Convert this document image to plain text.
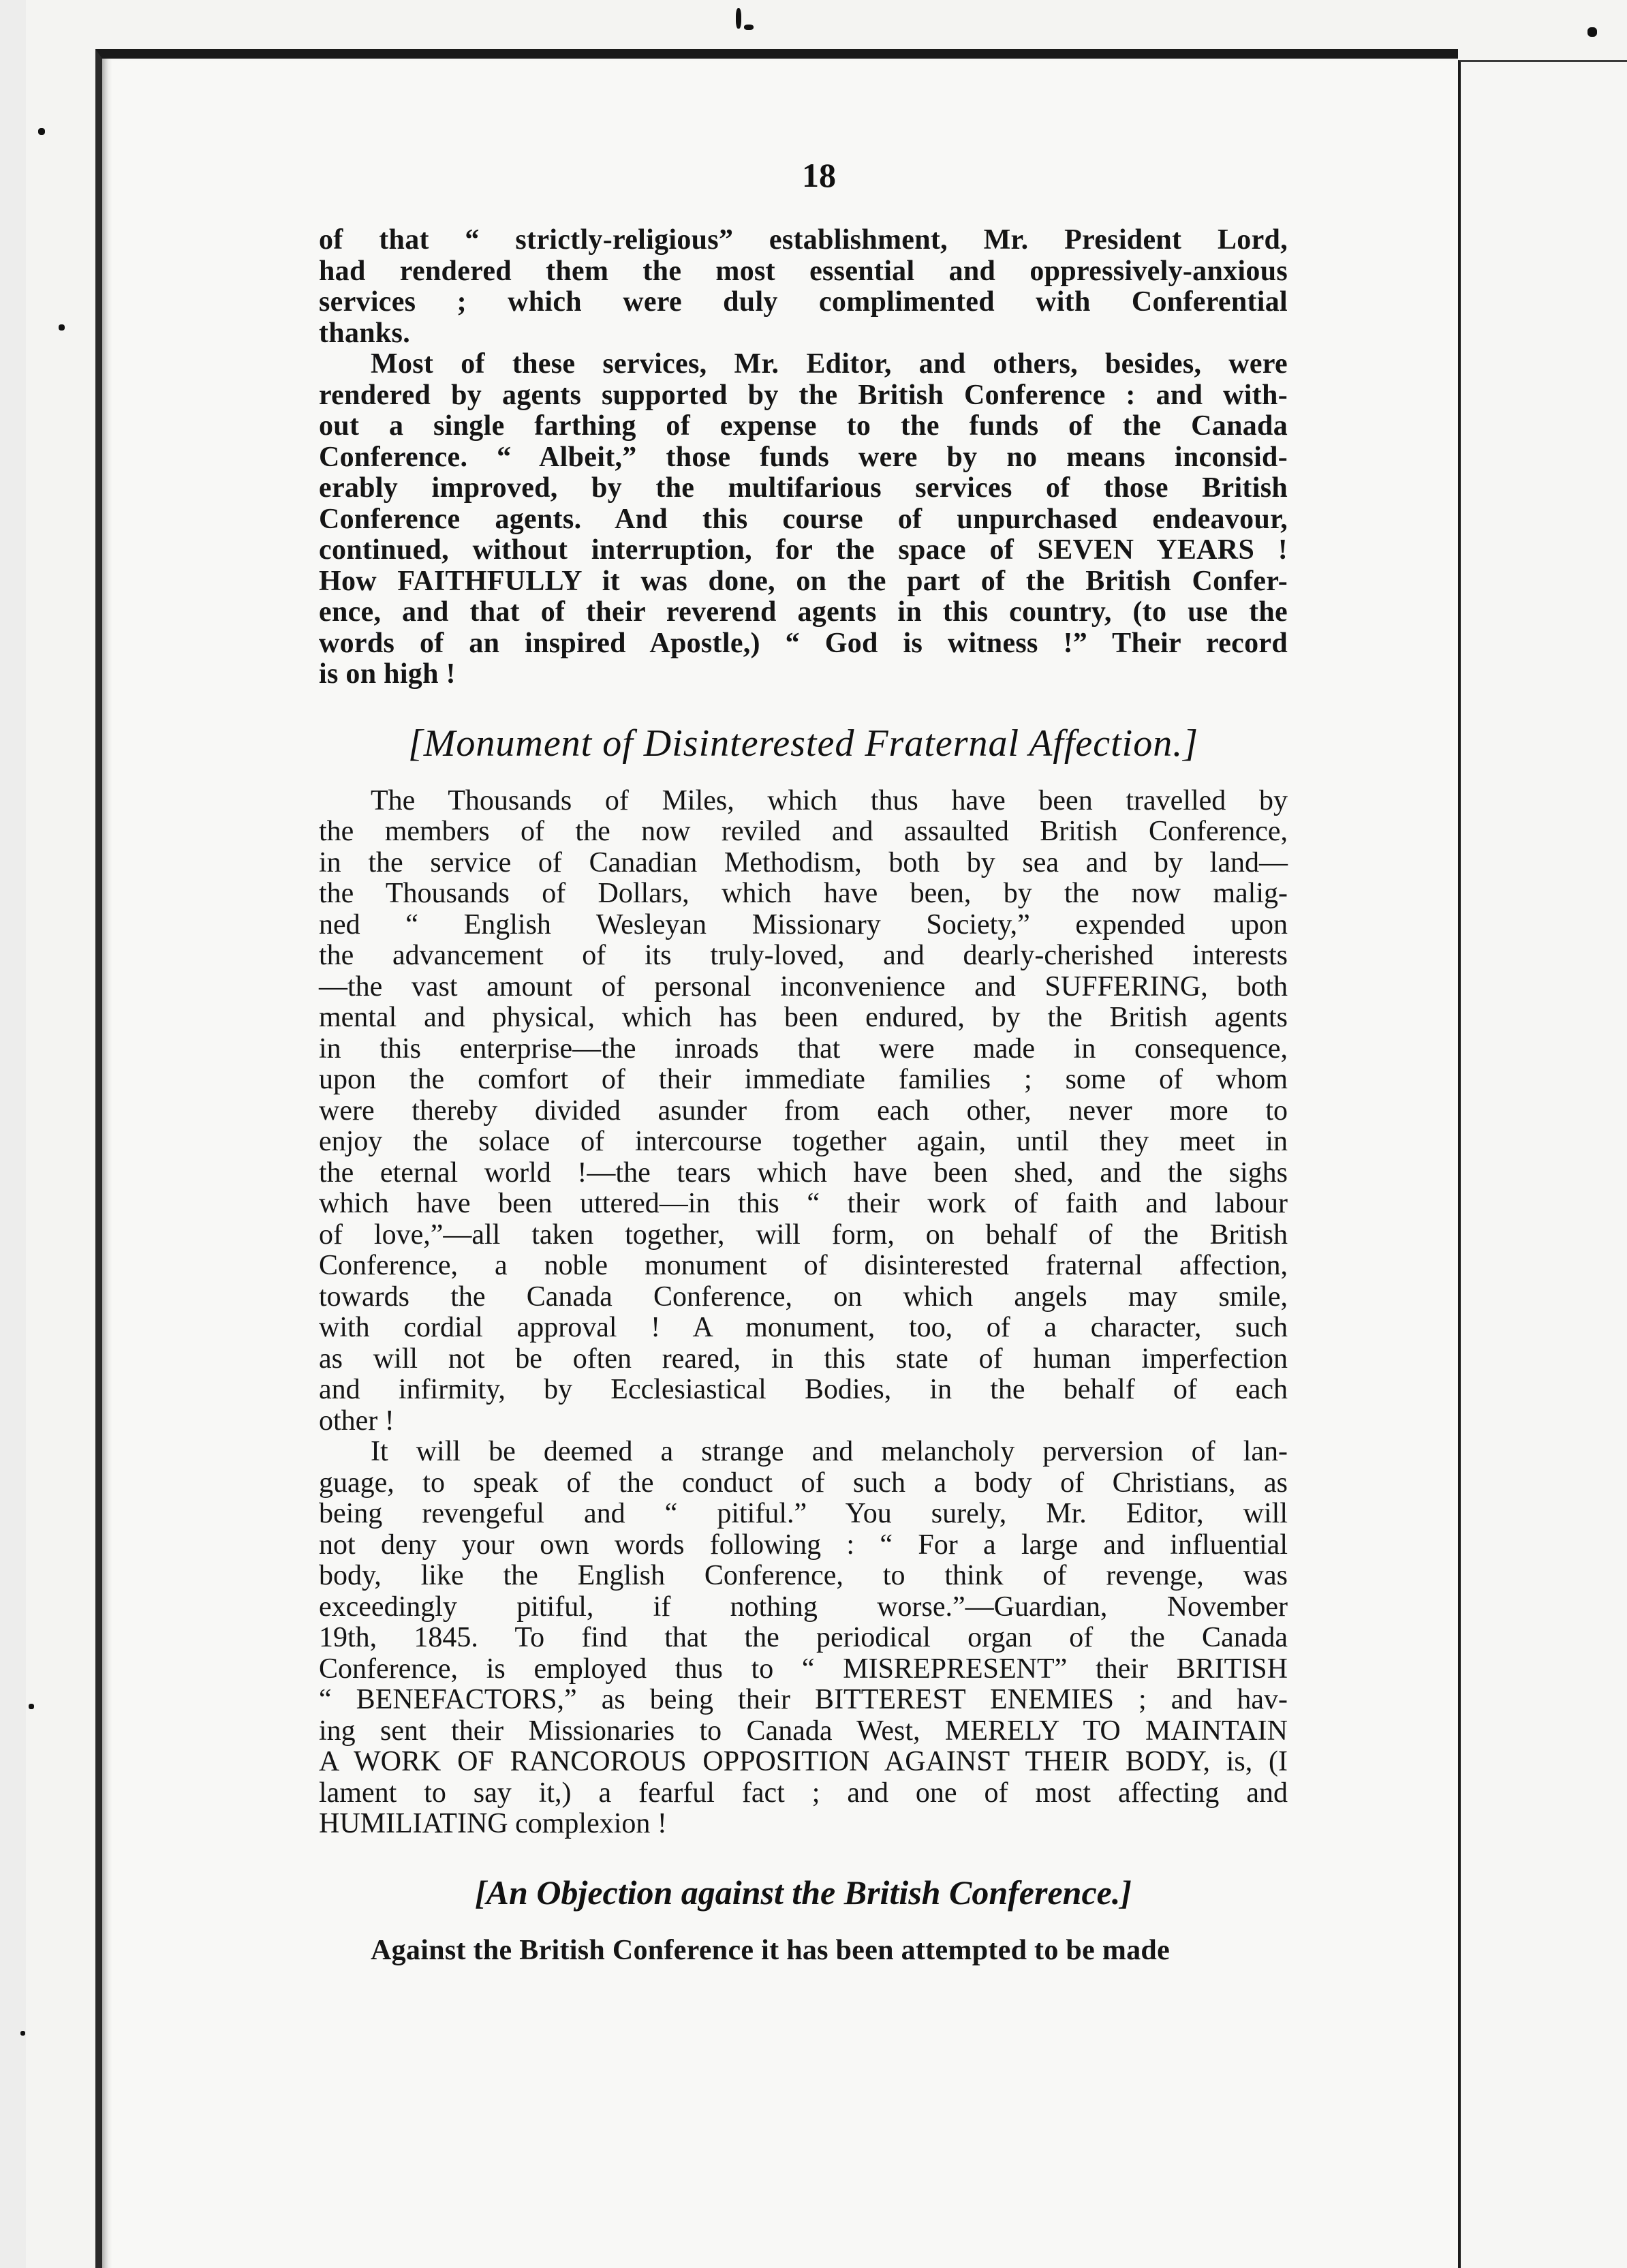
18
of that “ strictly-religious” establishment, Mr. President Lord,
had rendered them the most essential and oppressively-anxious
services ; which were duly complimented with Conferential
thanks.
Most of these services, Mr. Editor, and others, besides, were
rendered by agents supported by the British Conference : and with-
out a single farthing of expense to the funds of the Canada
Conference. “ Albeit,” those funds were by no means inconsid-
erably improved, by the multifarious services of those British
Conference agents. And this course of unpurchased endeavour,
continued, without interruption, for the space of SEVEN YEARS !
How FAITHFULLY it was done, on the part of the British Confer-
ence, and that of their reverend agents in this country, (to use the
words of an inspired Apostle,) “ God is witness !” Their record
is on high !
[Monument of Disinterested Fraternal Affection.]
The Thousands of Miles, which thus have been travelled by
the members of the now reviled and assaulted British Conference,
in the service of Canadian Methodism, both by sea and by land—
the Thousands of Dollars, which have been, by the now malig-
ned “ English Wesleyan Missionary Society,” expended upon
the advancement of its truly-loved, and dearly-cherished interests
—the vast amount of personal inconvenience and SUFFERING, both
mental and physical, which has been endured, by the British agents
in this enterprise—the inroads that were made in consequence,
upon the comfort of their immediate families ; some of whom
were thereby divided asunder from each other, never more to
enjoy the solace of intercourse together again, until they meet in
the eternal world !—the tears which have been shed, and the sighs
which have been uttered—in this “ their work of faith and labour
of love,”—all taken together, will form, on behalf of the British
Conference, a noble monument of disinterested fraternal affection,
towards the Canada Conference, on which angels may smile,
with cordial approval ! A monument, too, of a character, such
as will not be often reared, in this state of human imperfection
and infirmity, by Ecclesiastical Bodies, in the behalf of each
other !
It will be deemed a strange and melancholy perversion of lan-
guage, to speak of the conduct of such a body of Christians, as
being revengeful and “ pitiful.” You surely, Mr. Editor, will
not deny your own words following : “ For a large and influential
body, like the English Conference, to think of revenge, was
exceedingly pitiful, if nothing worse.”—Guardian, November
19th, 1845. To find that the periodical organ of the Canada
Conference, is employed thus to “ MISREPRESENT” their BRITISH
“ BENEFACTORS,” as being their BITTEREST ENEMIES ; and hav-
ing sent their Missionaries to Canada West, MERELY TO MAINTAIN
A WORK OF RANCOROUS OPPOSITION AGAINST THEIR BODY, is, (I
lament to say it,) a fearful fact ; and one of most affecting and
HUMILIATING complexion !
[An Objection against the British Conference.]
Against the British Conference it has been attempted to be made
